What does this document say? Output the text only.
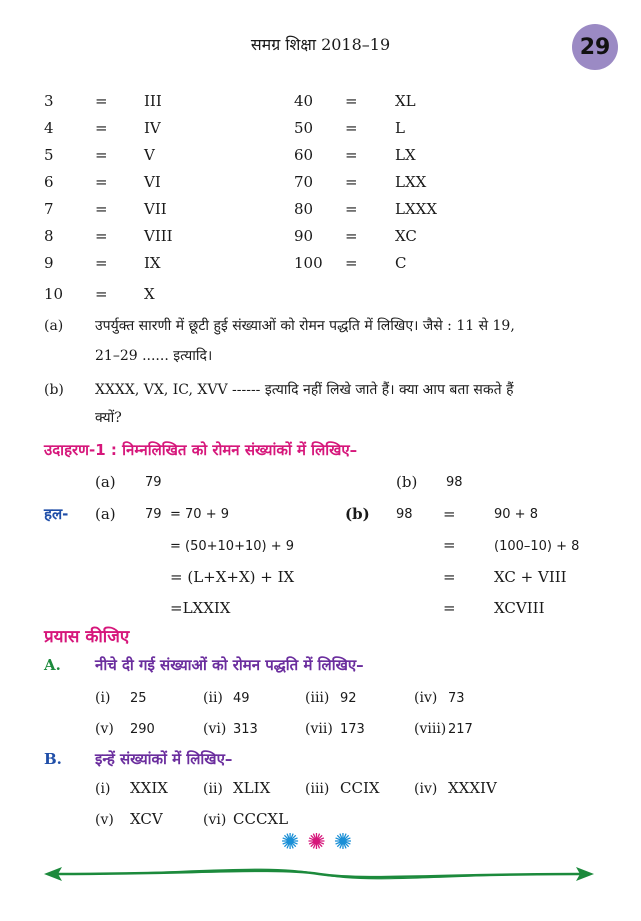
समग्र शिक्षा 2018–19	29
3	= III
4	= IV
5	= V
6	= VI
7	= VII
8	= VIII
9	= IX
10 = X
40 = XL
50 = L
60 = LX
70 = LXX
80 = LXXX
90 = XC
100 = C
(a) उपर्युक्त सारणी में छूटी हुई संख्याओं को रोमन पद्धति में लिखिए। जैसे : 11 से 19,
21–29 ...... इत्यादि।
(b) XXXX, VX, IC, XVV ------ इत्यादि नहीं लिखे जाते हैं। क्या आप बता सकते हैं
क्यों?
उदाहरण-1 : निम्नलिखित को रोमन संख्यांकों में लिखिए–
(a) 79	(b) 98
हल- (a) 79 = 70 + 9
= (50+10+10) + 9
= (L+X+X) + IX
=LXXIX
(b) 98 =	90 + 8
=	(100–10) + 8
=	XC + VIII
=	XCVIII
प्रयास कीजिए
A. नीचे दी गई संख्याओं को रोमन पद्धति में लिखिए–
(i) 25	(ii) 49	(iii) 92	(iv) 73
(v) 290	(vi) 313	(vii) 173	(viii) 217
B. इन्हें संख्यांकों में लिखिए–
(i) XXIX	(ii) XLIX (iii) CCIX (iv) XXXIV
(v) XCV	(vi) CCCXL
✺✺✺
